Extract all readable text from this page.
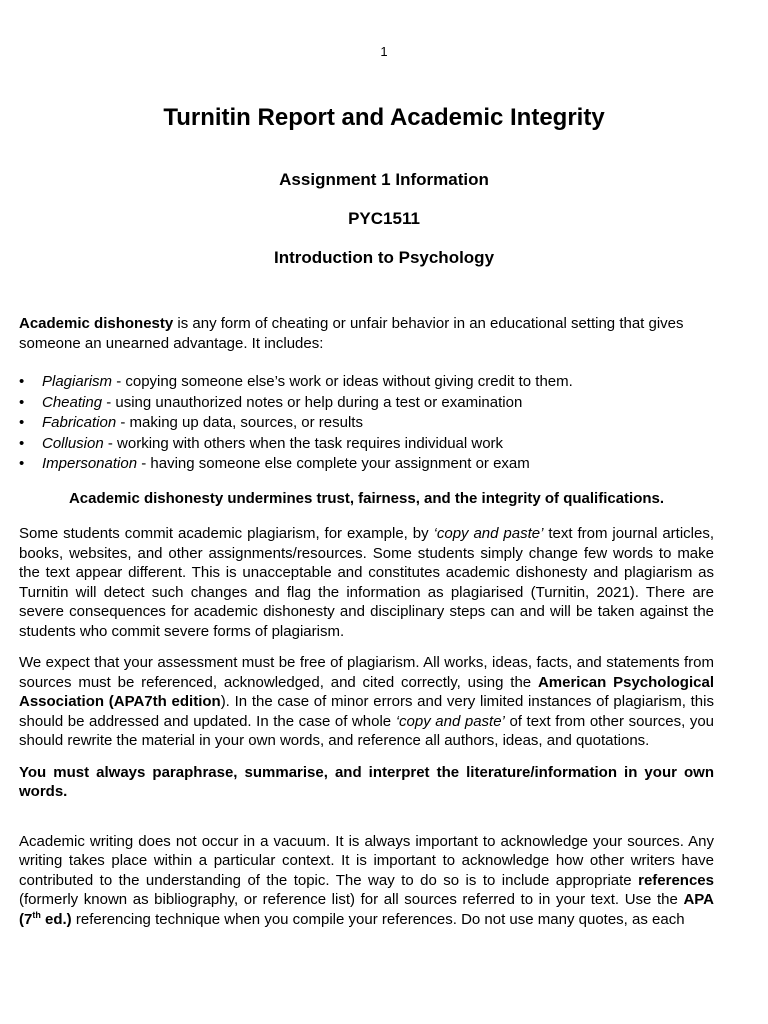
1
Turnitin Report and Academic Integrity
Assignment 1 Information
PYC1511
Introduction to Psychology

Academic dishonesty is any form of cheating or unfair behavior in an educational setting that gives someone an unearned advantage. It includes:

• Plagiarism - copying someone else’s work or ideas without giving credit to them.
• Cheating - using unauthorized notes or help during a test or examination
• Fabrication - making up data, sources, or results
• Collusion - working with others when the task requires individual work
• Impersonation - having someone else complete your assignment or exam

Academic dishonesty undermines trust, fairness, and the integrity of qualifications.

Some students commit academic plagiarism, for example, by ‘copy and paste’ text from journal articles, books, websites, and other assignments/resources. Some students simply change few words to make the text appear different. This is unacceptable and constitutes academic dishonesty and plagiarism as Turnitin will detect such changes and flag the information as plagiarised (Turnitin, 2021). There are severe consequences for academic dishonesty and disciplinary steps can and will be taken against the students who commit severe forms of plagiarism.

We expect that your assessment must be free of plagiarism. All works, ideas, facts, and statements from sources must be referenced, acknowledged, and cited correctly, using the American Psychological Association (APA7th edition). In the case of minor errors and very limited instances of plagiarism, this should be addressed and updated. In the case of whole ‘copy and paste’ of text from other sources, you should rewrite the material in your own words, and reference all authors, ideas, and quotations.

You must always paraphrase, summarise, and interpret the literature/information in your own words.

Academic writing does not occur in a vacuum. It is always important to acknowledge your sources. Any writing takes place within a particular context. It is important to acknowledge how other writers have contributed to the understanding of the topic. The way to do so is to include appropriate references (formerly known as bibliography, or reference list) for all sources referred to in your text. Use the APA (7th ed.) referencing technique when you compile your references. Do not use many quotes, as each
